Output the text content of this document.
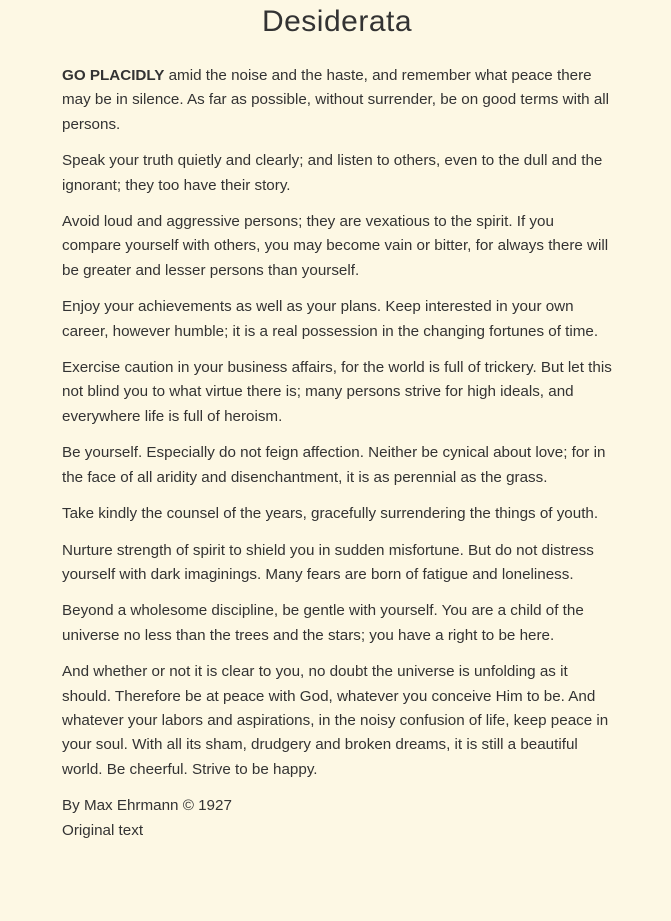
Desiderata

GO PLACIDLY amid the noise and the haste, and remember what peace there may be in silence. As far as possible, without surrender, be on good terms with all persons.

Speak your truth quietly and clearly; and listen to others, even to the dull and the ignorant; they too have their story.

Avoid loud and aggressive persons; they are vexatious to the spirit. If you compare yourself with others, you may become vain or bitter, for always there will be greater and lesser persons than yourself.

Enjoy your achievements as well as your plans. Keep interested in your own career, however humble; it is a real possession in the changing fortunes of time.

Exercise caution in your business affairs, for the world is full of trickery. But let this not blind you to what virtue there is; many persons strive for high ideals, and everywhere life is full of heroism.

Be yourself. Especially do not feign affection. Neither be cynical about love; for in the face of all aridity and disenchantment, it is as perennial as the grass.

Take kindly the counsel of the years, gracefully surrendering the things of youth.

Nurture strength of spirit to shield you in sudden misfortune. But do not distress yourself with dark imaginings. Many fears are born of fatigue and loneliness.

Beyond a wholesome discipline, be gentle with yourself. You are a child of the universe no less than the trees and the stars; you have a right to be here.

And whether or not it is clear to you, no doubt the universe is unfolding as it should. Therefore be at peace with God, whatever you conceive Him to be. And whatever your labors and aspirations, in the noisy confusion of life, keep peace in your soul. With all its sham, drudgery and broken dreams, it is still a beautiful world. Be cheerful. Strive to be happy.

By Max Ehrmann © 1927
Original text
